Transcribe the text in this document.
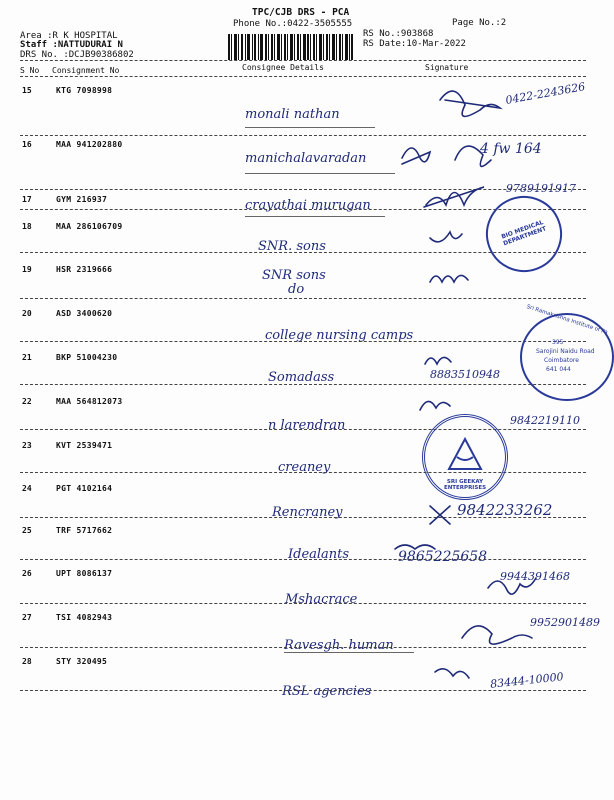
TPC/CJB DRS - PCA
Phone No.:0422-3505555	Page No.:2
Area :R K HOSPITAL
Staff :NATTUDURAI N
DRS No. :DCJB90386802
RS No.:903868
RS Date:10-Mar-2022
S No Consignment No	Consignee Details	Signature
15	KTG 7098998
monali nathan
0422-2243626
16	MAA 941202880
manichalavaradan
4 fw 164
17	GYM 216937	crayathai murugan
9789191917
18	MAA 286106709
SNR. sons
19	HSR 2319666	SNR sons
do
20	ASD 3400620
college nursing camps
21	BKP 51004230
Somadass	8883510948
22	MAA 564812073
n larendran	9842219110
23	KVT 2539471
creaney
24	PGT 4102164
Rencraney	9842233262
25	TRF 5717662
Idealants	9865225658
26	UPT 8086137
Mshacrace
9944391468
27	TSI 4082943
Ravesgh. human
9952901489
28	STY 320495
RSL agencies
83444-10000
BIO MEDICAL DEPARTMENT
Sri Ramakrishna Institute of Pa
395
Sarojini Naidu Road
Coimbatore
641 044
SRI GEEKAY ENTERPRISES
